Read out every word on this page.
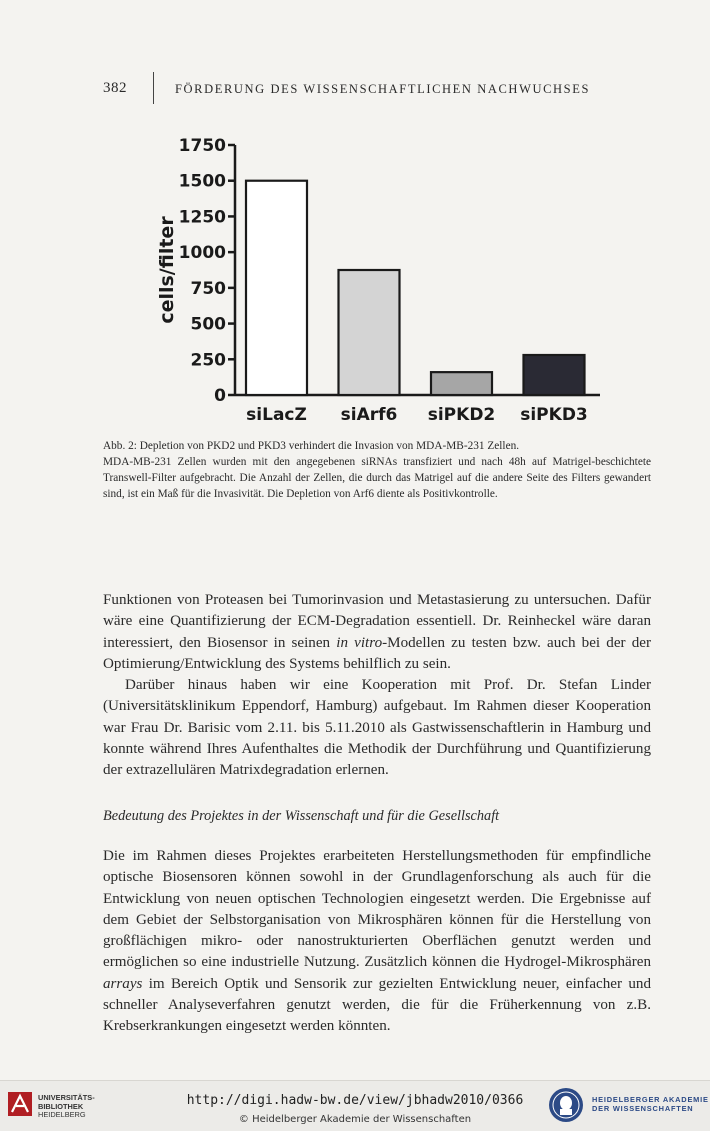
382	FÖRDERUNG DES WISSENSCHAFTLICHEN NACHWUCHSES
0
250
500
750
1000
1250
1500
1750
cells/filter
siLacZ siArf6 siPKD2 siPKD3

Abb. 2: Depletion von PKD2 und PKD3 verhindert die Invasion von MDA-MB-231 Zellen.

MDA-MB-231 Zellen wurden mit den angegebenen siRNAs transfiziert und nach 48h auf Matrigel-beschichtete Transwell-Filter aufgebracht. Die Anzahl der Zellen, die durch das Matrigel auf die andere Seite des Filters gewandert sind, ist ein Maß für die Invasivität. Die Depletion von Arf6 diente als Positivkontrolle.

Funktionen von Proteasen bei Tumorinvasion und Metastasierung zu untersuchen. Dafür wäre eine Quantifizierung der ECM-Degradation essentiell. Dr. Reinheckel wäre daran interessiert, den Biosensor in seinen in vitro-Modellen zu testen bzw. auch bei der der Optimierung/Entwicklung des Systems behilflich zu sein.

Darüber hinaus haben wir eine Kooperation mit Prof. Dr. Stefan Linder (Universitätsklinikum Eppendorf, Hamburg) aufgebaut. Im Rahmen dieser Kooperation war Frau Dr. Barisic vom 2.11. bis 5.11.2010 als Gastwissenschaftlerin in Hamburg und konnte während Ihres Aufenthaltes die Methodik der Durchführung und Quantifizierung der extrazellulären Matrixdegradation erlernen.

Bedeutung des Projektes in der Wissenschaft und für die Gesellschaft

Die im Rahmen dieses Projektes erarbeiteten Herstellungsmethoden für empfindliche optische Biosensoren können sowohl in der Grundlagenforschung als auch für die Entwicklung von neuen optischen Technologien eingesetzt werden. Die Ergebnisse auf dem Gebiet der Selbstorganisation von Mikrosphären können für die Herstellung von großflächigen mikro- oder nanostrukturierten Oberflächen genutzt werden und ermöglichen so eine industrielle Nutzung. Zusätzlich können die Hydrogel-Mikrosphären arrays im Bereich Optik und Sensorik zur gezielten Entwicklung neuer, einfacher und schneller Analyseverfahren genutzt werden, die für die Früherkennung von z.B. Krebserkrankungen eingesetzt werden könnten.

UNIVERSITÄTS-
BIBLIOTHEK
HEIDELBERG
http://digi.hadw-bw.de/view/jbhadw2010/0366
© Heidelberger Akademie der Wissenschaften
HEIDELBERGER AKADEMIE
DER WISSENSCHAFTEN
